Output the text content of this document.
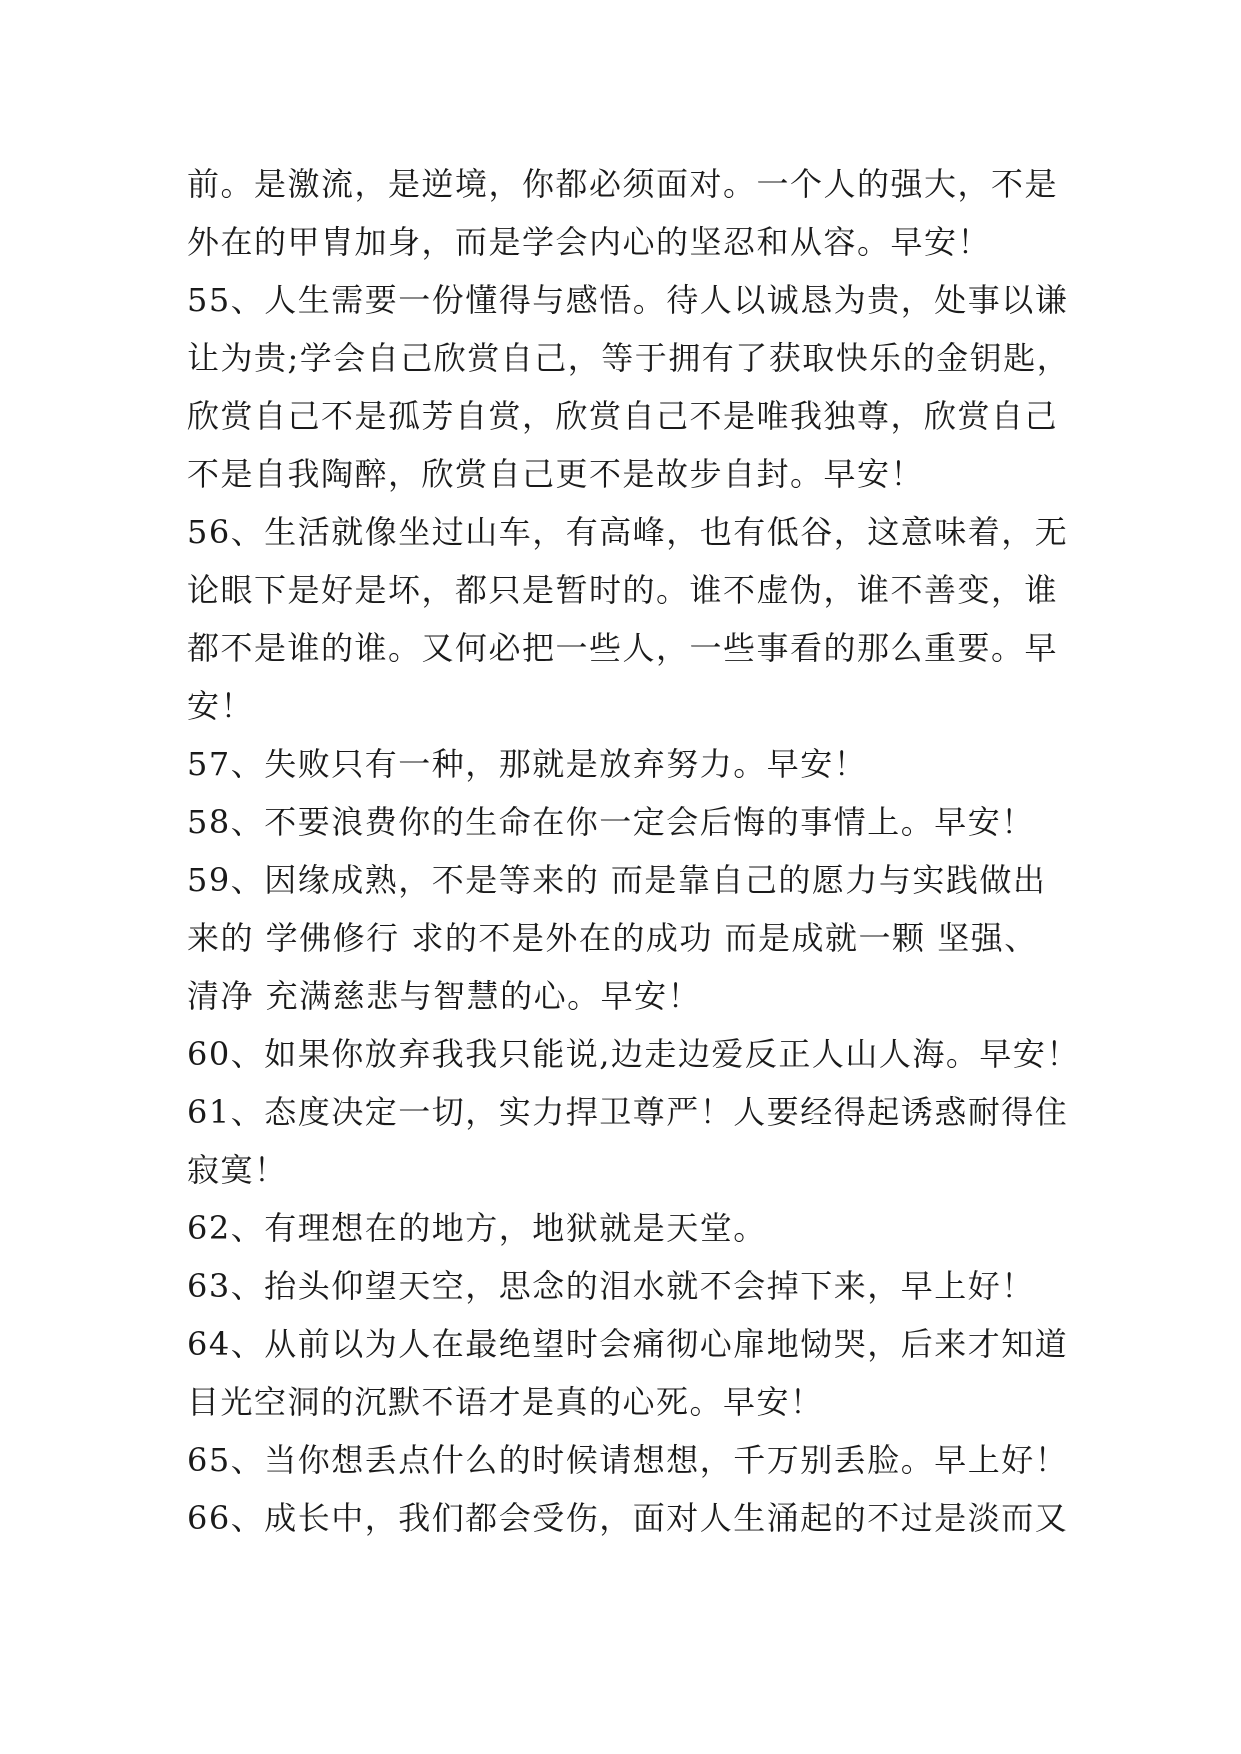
前。是激流，是逆境，你都必须面对。一个人的强大，不是
外在的甲胄加身，而是学会内心的坚忍和从容。早安！
55、人生需要一份懂得与感悟。待人以诚恳为贵，处事以谦
让为贵;学会自己欣赏自己，等于拥有了获取快乐的金钥匙，
欣赏自己不是孤芳自赏，欣赏自己不是唯我独尊，欣赏自己
不是自我陶醉，欣赏自己更不是故步自封。早安！
56、生活就像坐过山车，有高峰，也有低谷，这意味着，无
论眼下是好是坏，都只是暂时的。谁不虚伪，谁不善变，谁
都不是谁的谁。又何必把一些人，一些事看的那么重要。早
安！
57、失败只有一种，那就是放弃努力。早安！
58、不要浪费你的生命在你一定会后悔的事情上。早安！
59、因缘成熟，不是等来的 而是靠自己的愿力与实践做出
来的 学佛修行 求的不是外在的成功 而是成就一颗 坚强、
清净 充满慈悲与智慧的心。早安！
60、如果你放弃我我只能说,边走边爱反正人山人海。早安！
61、态度决定一切，实力捍卫尊严！人要经得起诱惑耐得住
寂寞！
62、有理想在的地方，地狱就是天堂。
63、抬头仰望天空，思念的泪水就不会掉下来，早上好！
64、从前以为人在最绝望时会痛彻心扉地恸哭，后来才知道
目光空洞的沉默不语才是真的心死。早安！
65、当你想丢点什么的时候请想想，千万别丢脸。早上好！
66、成长中，我们都会受伤，面对人生涌起的不过是淡而又
